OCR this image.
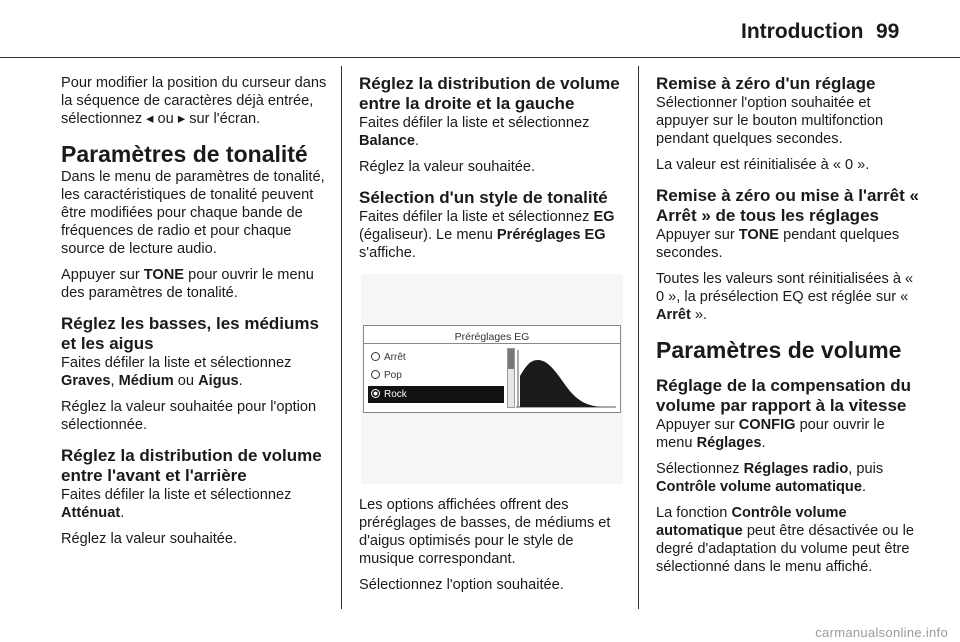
Introduction 99

Pour modifier la position du curseur dans la séquence de caractères déjà entrée, sélectionnez ◂ ou ▸ sur l'écran.

Paramètres de tonalité

Dans le menu de paramètres de tonalité, les caractéristiques de tonalité peuvent être modifiées pour chaque bande de fréquences de radio et pour chaque source de lecture audio.

Appuyer sur TONE pour ouvrir le menu des paramètres de tonalité.

Réglez les basses, les médiums et les aigus

Faites défiler la liste et sélectionnez Graves, Médium ou Aigus.

Réglez la valeur souhaitée pour l'option sélectionnée.

Réglez la distribution de volume entre l'avant et l'arrière

Faites défiler la liste et sélectionnez Atténuat.

Réglez la valeur souhaitée.

Réglez la distribution de volume entre la droite et la gauche

Faites défiler la liste et sélectionnez Balance.

Réglez la valeur souhaitée.

Sélection d'un style de tonalité

Faites défiler la liste et sélectionnez EG (égaliseur). Le menu Préréglages EG s'affiche.

Préréglages EG
Arrêt
Pop
Rock

Les options affichées offrent des préréglages de basses, de médiums et d'aigus optimisés pour le style de musique correspondant.

Sélectionnez l'option souhaitée.

Remise à zéro d'un réglage

Sélectionner l'option souhaitée et appuyer sur le bouton multifonction pendant quelques secondes.

La valeur est réinitialisée à « 0 ».

Remise à zéro ou mise à l'arrêt « Arrêt » de tous les réglages

Appuyer sur TONE pendant quelques secondes.

Toutes les valeurs sont réinitialisées à « 0 », la présélection EQ est réglée sur « Arrêt ».

Paramètres de volume
Réglage de la compensation du volume par rapport à la vitesse

Appuyer sur CONFIG pour ouvrir le menu Réglages.

Sélectionnez Réglages radio, puis Contrôle volume automatique.

La fonction Contrôle volume automatique peut être désactivée ou le degré d'adaptation du volume peut être sélectionné dans le menu affiché.

carmanualsonline.info
